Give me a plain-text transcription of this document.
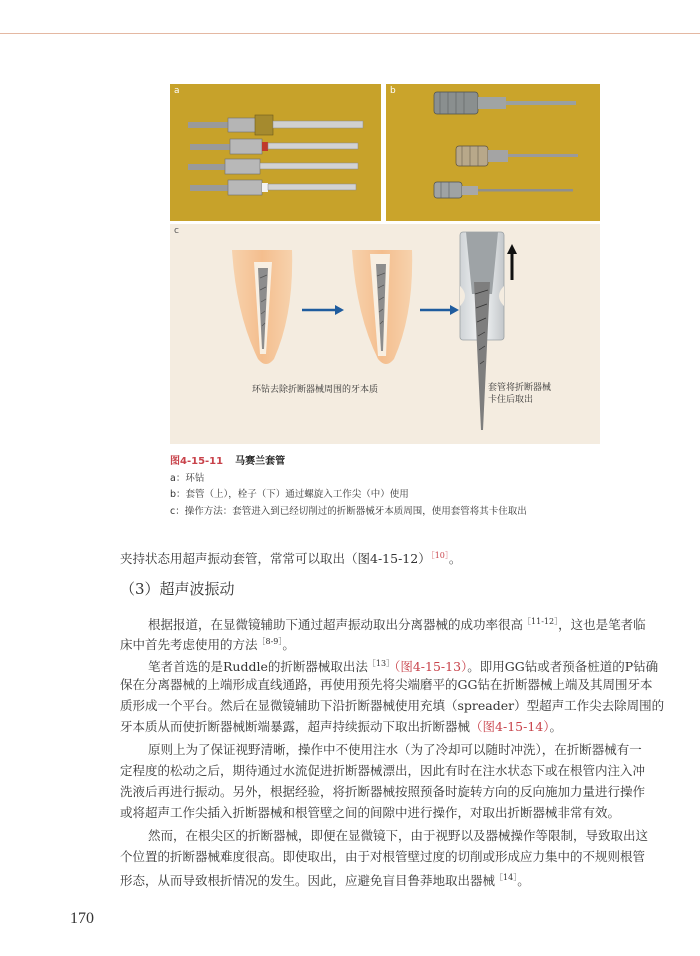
a	b
c
环钻去除折断器械周围的牙本质	套管将折断器械
卡住后取出
图4-15-11 马赛兰套管
a：环钻
b：套管（上），栓子（下）通过螺旋入工作尖（中）使用
c：操作方法：套管进入到已经切削过的折断器械牙本质周围，使用套管将其卡住取出
夹持状态用超声振动套管，常常可以取出（图4-15-12）$^{[10]}$。
（3）超声波振动
根据报道，在显微镜辅助下通过超声振动取出分离器械的成功率很高$^{[11-12]}$，这也是笔者临
床中首先考虑使用的方法$^{[8-9]}$。
笔者首选的是Ruddle的折断器械取出法$^{[13]}$（图4-15-13）。即用GG钻或者预备桩道的P钻确
保在分离器械的上端形成直线通路，再使用预先将尖端磨平的GG钻在折断器械上端及其周围牙本
质形成一个平台。然后在显微镜辅助下沿折断器械使用充填（spreader）型超声工作尖去除周围的
牙本质从而使折断器械断端暴露，超声持续振动下取出折断器械（图4-15-14）。
原则上为了保证视野清晰，操作中不使用注水（为了冷却可以随时冲洗），在折断器械有一
定程度的松动之后，期待通过水流促进折断器械漂出，因此有时在注水状态下或在根管内注入冲
洗液后再进行振动。另外，根据经验，将折断器械按照预备时旋转方向的反向施加力量进行操作
或将超声工作尖插入折断器械和根管壁之间的间隙中进行操作，对取出折断器械非常有效。
然而，在根尖区的折断器械，即便在显微镜下，由于视野以及器械操作等限制，导致取出这
个位置的折断器械难度很高。即使取出，由于对根管壁过度的切削或形成应力集中的不规则根管
形态，从而导致根折情况的发生。因此，应避免盲目鲁莽地取出器械$^{[14]}$。
170
